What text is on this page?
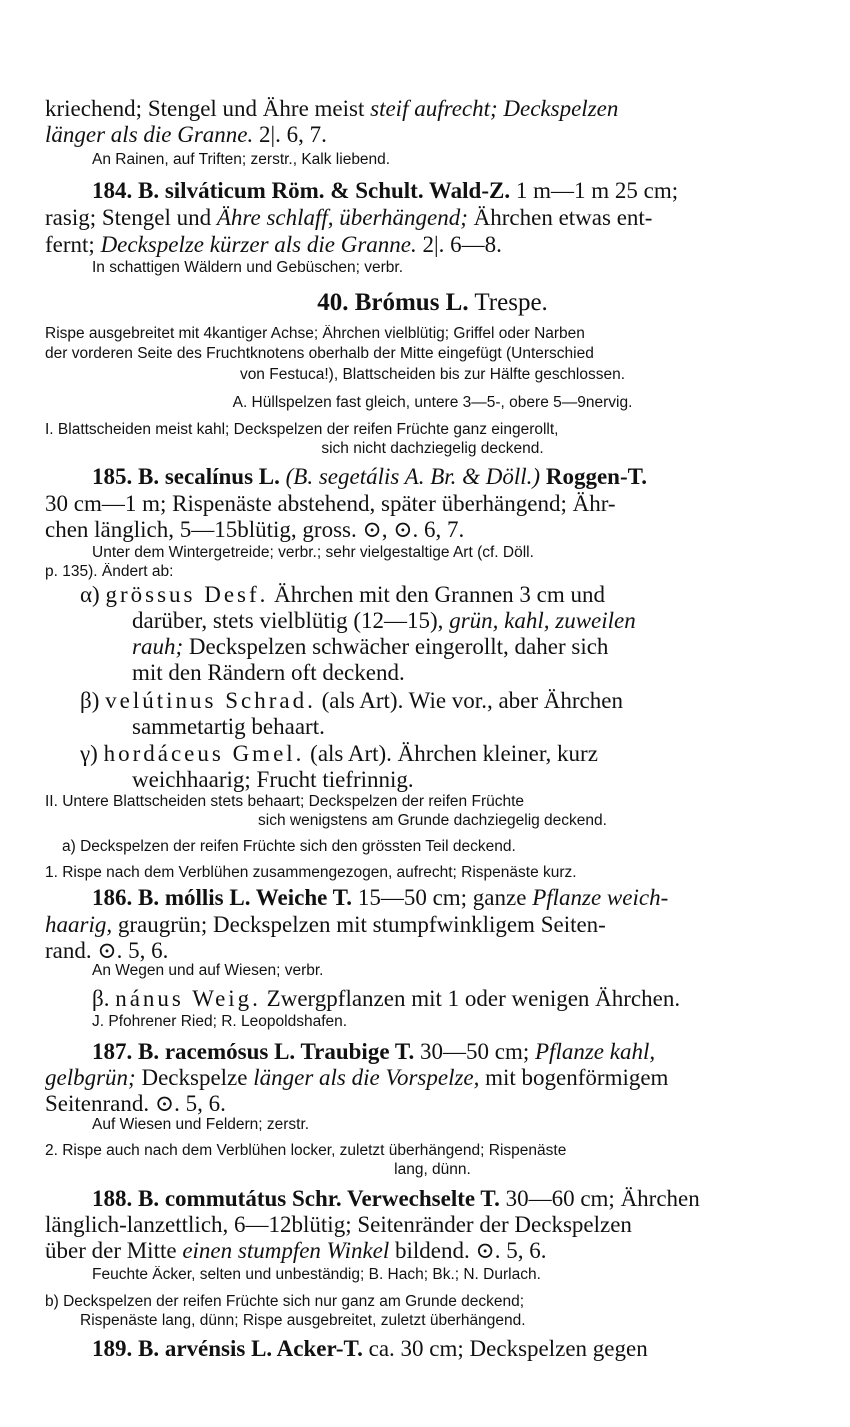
kriechend; Stengel und Ähre meist steif aufrecht; Deckspelzen
länger als die Granne. 2|. 6, 7.
An Rainen, auf Triften; zerstr., Kalk liebend.
184. B. silváticum Röm. & Schult. Wald-Z. 1 m—1 m 25 cm;
rasig; Stengel und Ähre schlaff, überhängend; Ährchen etwas ent-
fernt; Deckspelze kürzer als die Granne. 2|. 6—8.
In schattigen Wäldern und Gebüschen; verbr.
40. Brómus L. Trespe.
Rispe ausgebreitet mit 4kantiger Achse; Ährchen vielblütig; Griffel oder Narben
der vorderen Seite des Fruchtknotens oberhalb der Mitte eingefügt (Unterschied
von Festuca!), Blattscheiden bis zur Hälfte geschlossen.
A. Hüllspelzen fast gleich, untere 3—5-, obere 5—9nervig.
I. Blattscheiden meist kahl; Deckspelzen der reifen Früchte ganz eingerollt,
sich nicht dachziegelig deckend.
185. B. secalínus L. (B. segetális A. Br. & Döll.) Roggen-T.
30 cm—1 m; Rispenäste abstehend, später überhängend; Ähr-
chen länglich, 5—15blütig, gross. ⊙, ⊙. 6, 7.
Unter dem Wintergetreide; verbr.; sehr vielgestaltige Art (cf. Döll.
p. 135). Ändert ab:
α) grössus Desf. Ährchen mit den Grannen 3 cm und
darüber, stets vielblütig (12—15), grün, kahl, zuweilen
rauh; Deckspelzen schwächer eingerollt, daher sich
mit den Rändern oft deckend.
β) velútinus Schrad. (als Art). Wie vor., aber Ährchen
sammetartig behaart.
γ) hordáceus Gmel. (als Art). Ährchen kleiner, kurz
weichhaarig; Frucht tiefrinnig.
II. Untere Blattscheiden stets behaart; Deckspelzen der reifen Früchte
sich wenigstens am Grunde dachziegelig deckend.
a) Deckspelzen der reifen Früchte sich den grössten Teil deckend.
1. Rispe nach dem Verblühen zusammengezogen, aufrecht; Rispenäste kurz.
186. B. móllis L. Weiche T. 15—50 cm; ganze Pflanze weich-
haarig, graugrün; Deckspelzen mit stumpfwinkligem Seiten-
rand. ⊙. 5, 6.
An Wegen und auf Wiesen; verbr.
β. nánus Weig. Zwergpflanzen mit 1 oder wenigen Ährchen.
J. Pfohrener Ried; R. Leopoldshafen.
187. B. racemósus L. Traubige T. 30—50 cm; Pflanze kahl,
gelbgrün; Deckspelze länger als die Vorspelze, mit bogenförmigem
Seitenrand. ⊙. 5, 6.
Auf Wiesen und Feldern; zerstr.
2. Rispe auch nach dem Verblühen locker, zuletzt überhängend; Rispenäste
lang, dünn.
188. B. commutátus Schr. Verwechselte T. 30—60 cm; Ährchen
länglich-lanzettlich, 6—12blütig; Seitenränder der Deckspelzen
über der Mitte einen stumpfen Winkel bildend. ⊙. 5, 6.
Feuchte Äcker, selten und unbeständig; B. Hach; Bk.; N. Durlach.
b) Deckspelzen der reifen Früchte sich nur ganz am Grunde deckend;
Rispenäste lang, dünn; Rispe ausgebreitet, zuletzt überhängend.
189. B. arvénsis L. Acker-T. ca. 30 cm; Deckspelzen gegen
